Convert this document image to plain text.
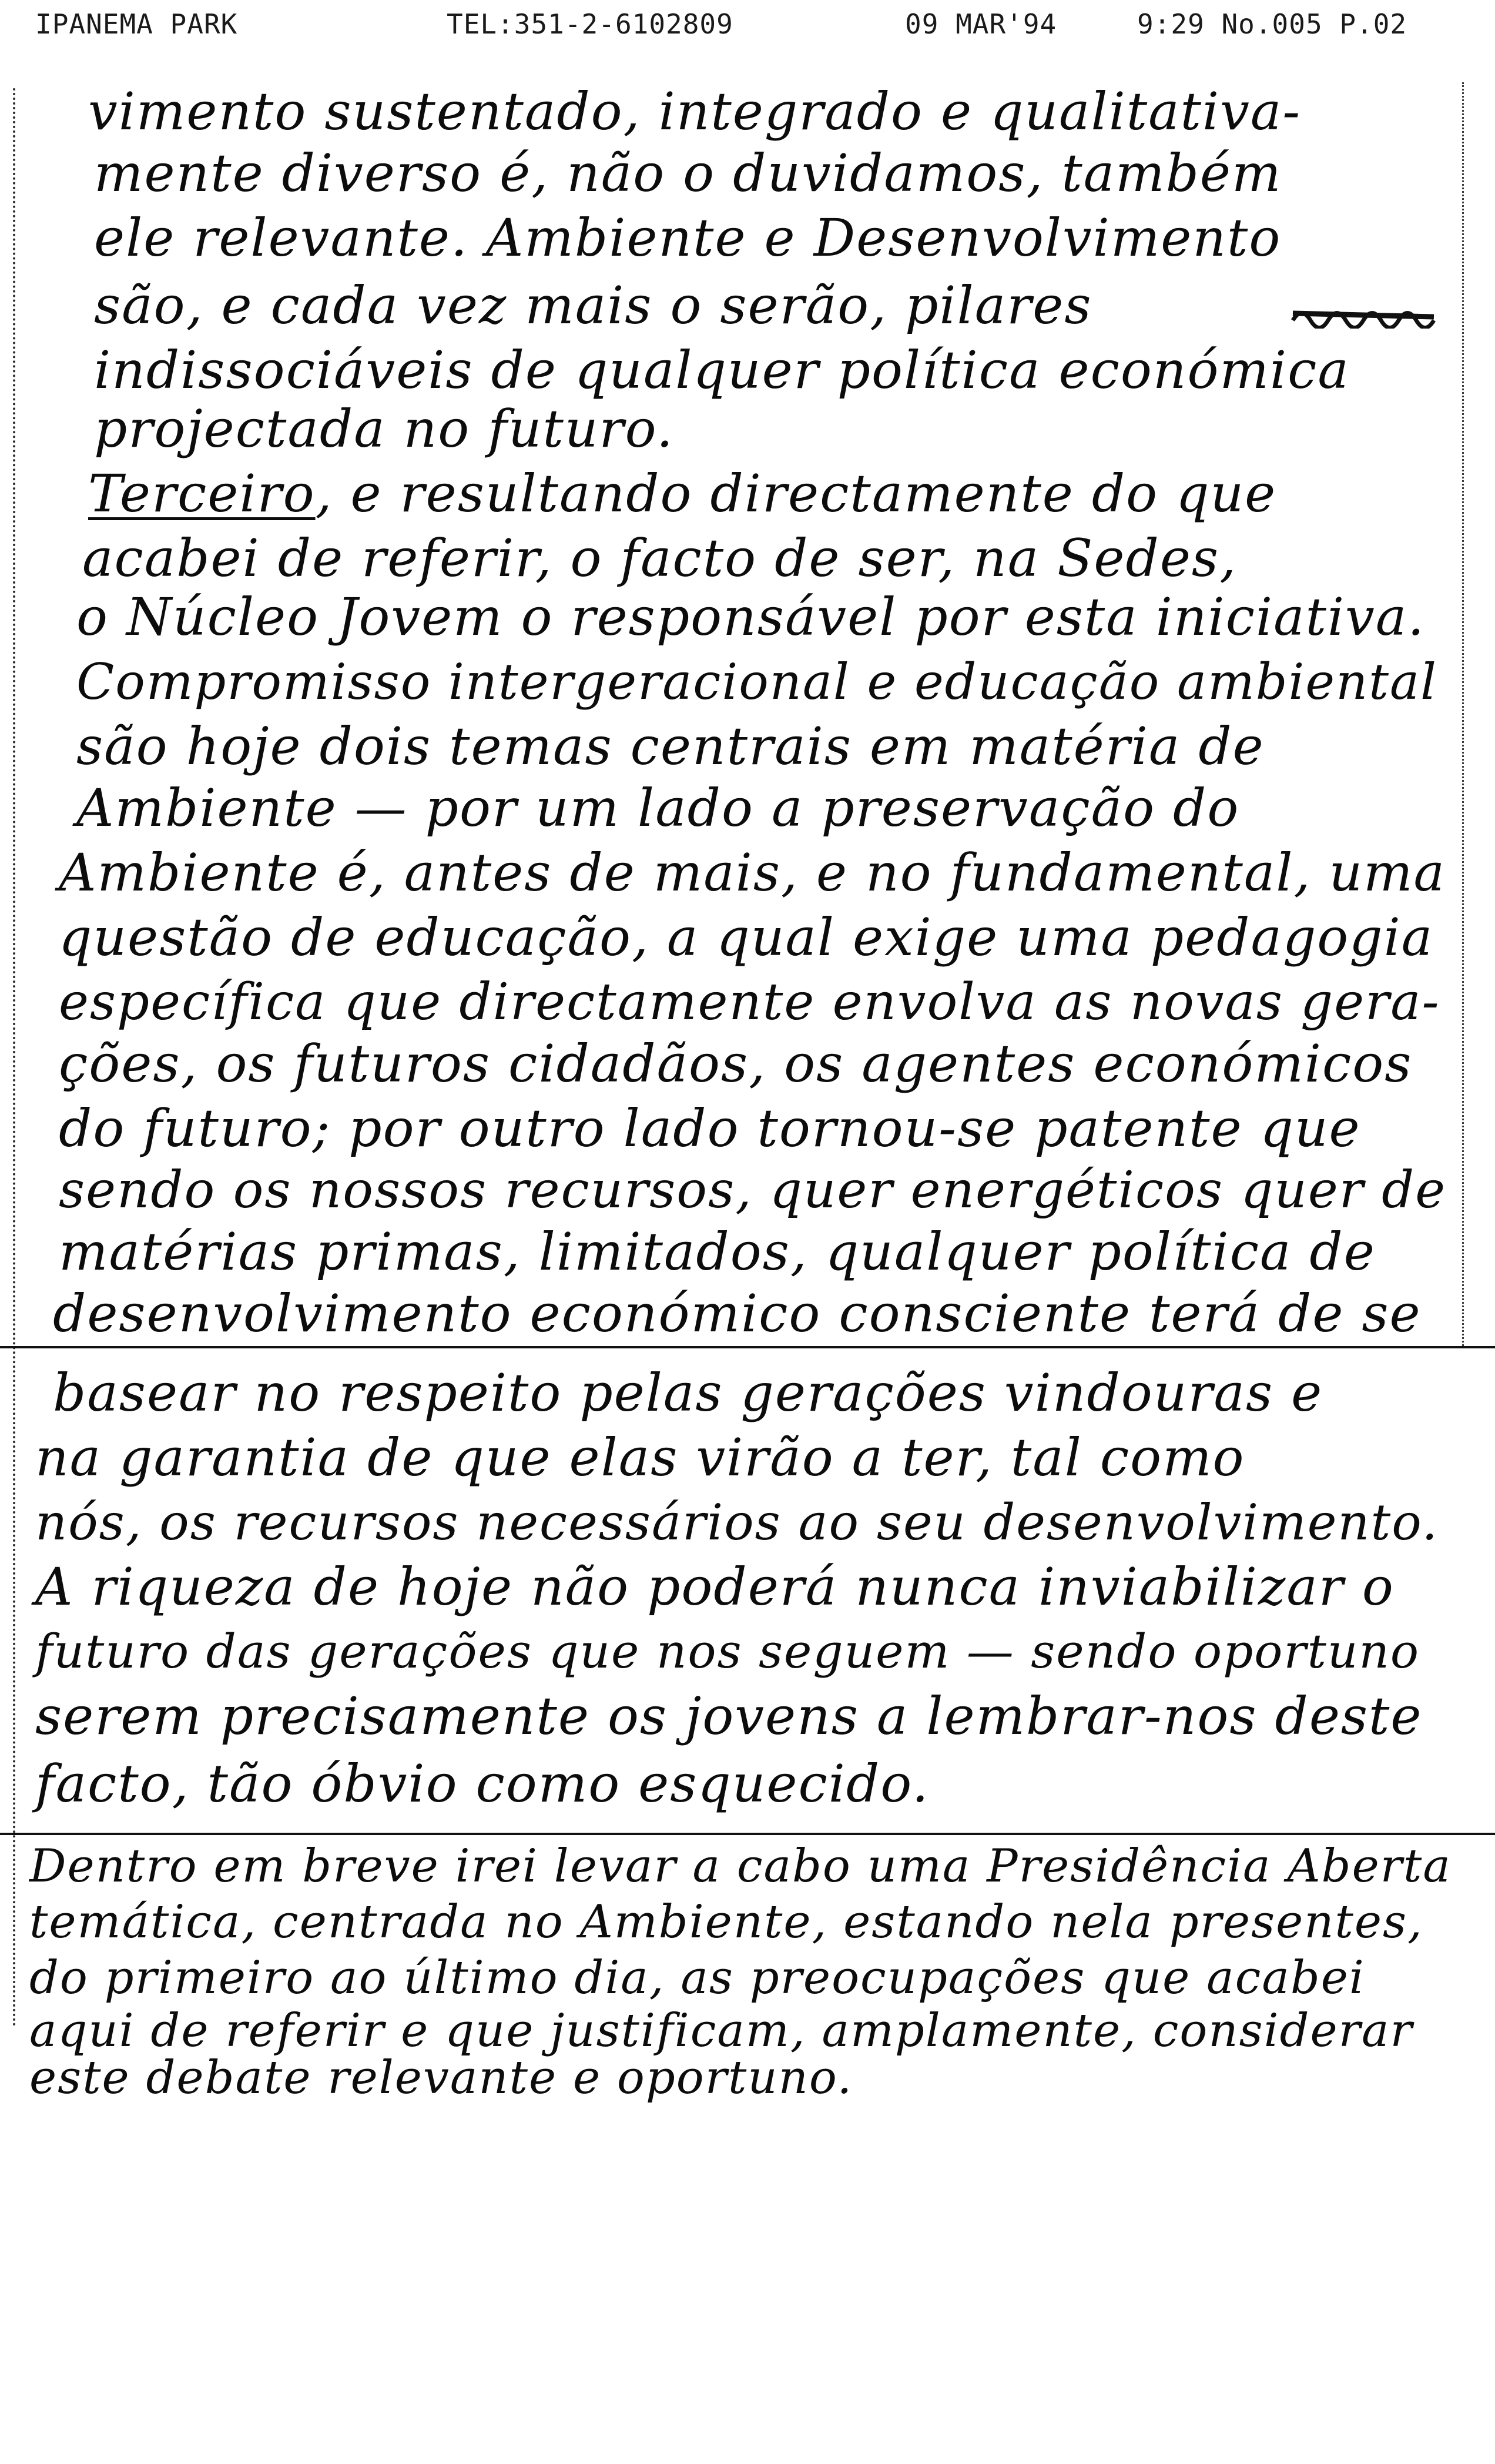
IPANEMA PARK	TEL:351-2-6102809	09 MAR'94	9:29 No.005 P.02
vimento sustentado, integrado e qualitativa-
mente diverso é, não o duvidamos, também
ele relevante. Ambiente e Desenvolvimento
são, e cada vez mais o serão, pilares
indissociáveis de qualquer política económica
projectada no futuro.
Terceiro, e resultando directamente do que
acabei de referir, o facto de ser, na Sedes,
o Núcleo Jovem o responsável por esta iniciativa.
Compromisso intergeracional e educação ambiental
são hoje dois temas centrais em matéria de
Ambiente — por um lado a preservação do
Ambiente é, antes de mais, e no fundamental, uma
questão de educação, a qual exige uma pedagogia
específica que directamente envolva as novas gera-
ções, os futuros cidadãos, os agentes económicos
do futuro; por outro lado tornou-se patente que
sendo os nossos recursos, quer energéticos quer de
matérias primas, limitados, qualquer política de
desenvolvimento económico consciente terá de se
basear no respeito pelas gerações vindouras e
na garantia de que elas virão a ter, tal como
nós, os recursos necessários ao seu desenvolvimento.
A riqueza de hoje não poderá nunca inviabilizar o
futuro das gerações que nos seguem — sendo oportuno
serem precisamente os jovens a lembrar-nos deste
facto, tão óbvio como esquecido.
Dentro em breve irei levar a cabo uma Presidência Aberta
temática, centrada no Ambiente, estando nela presentes,
do primeiro ao último dia, as preocupações que acabei
aqui de referir e que justificam, amplamente, considerar
este debate relevante e oportuno.
